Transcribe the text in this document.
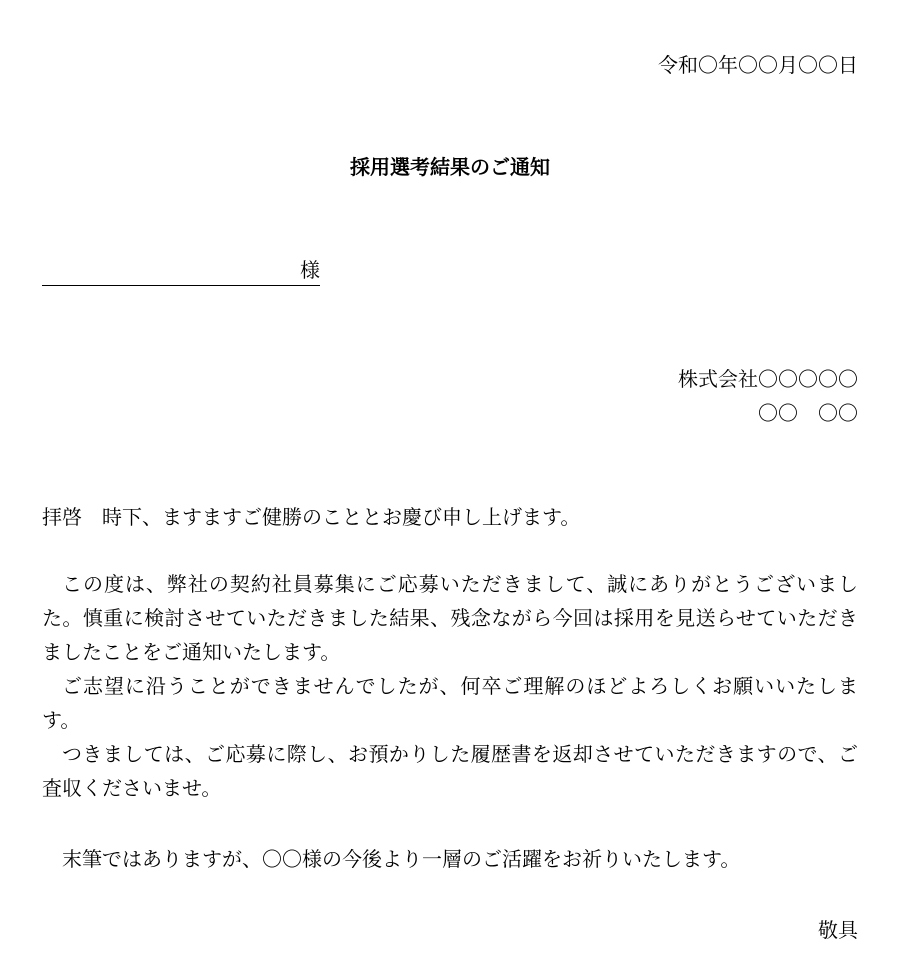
令和〇年〇〇月〇〇日
採用選考結果のご通知
様
株式会社〇〇〇〇〇
〇〇　〇〇
拝啓　時下、ますますご健勝のこととお慶び申し上げます。

この度は、弊社の契約社員募集にご応募いただきまして、誠にありがとうございました。慎重に検討させていただきました結果、残念ながら今回は採用を見送らせていただきましたことをご通知いたします。

ご志望に沿うことができませんでしたが、何卒ご理解のほどよろしくお願いいたします。

つきましては、ご応募に際し、お預かりした履歴書を返却させていただきますので、ご査収くださいませ。

末筆ではありますが、〇〇様の今後より一層のご活躍をお祈りいたします。

敬具
